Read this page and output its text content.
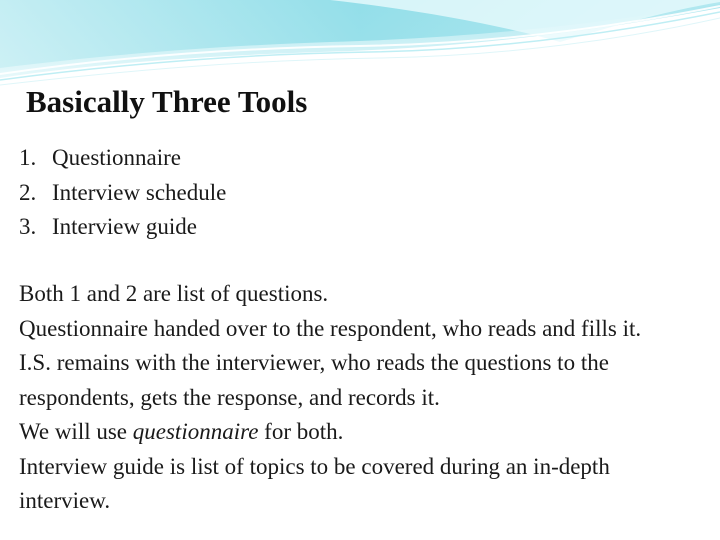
Basically Three Tools
1. Questionnaire
2. Interview schedule
3. Interview guide

Both 1 and 2 are list of questions.

Questionnaire handed over to the respondent, who reads and fills it.

I.S. remains with the interviewer, who reads the questions to the

respondents, gets the response, and records it.

We will use questionnaire for both.

Interview guide is list of topics to be covered during an in-depth

interview.
